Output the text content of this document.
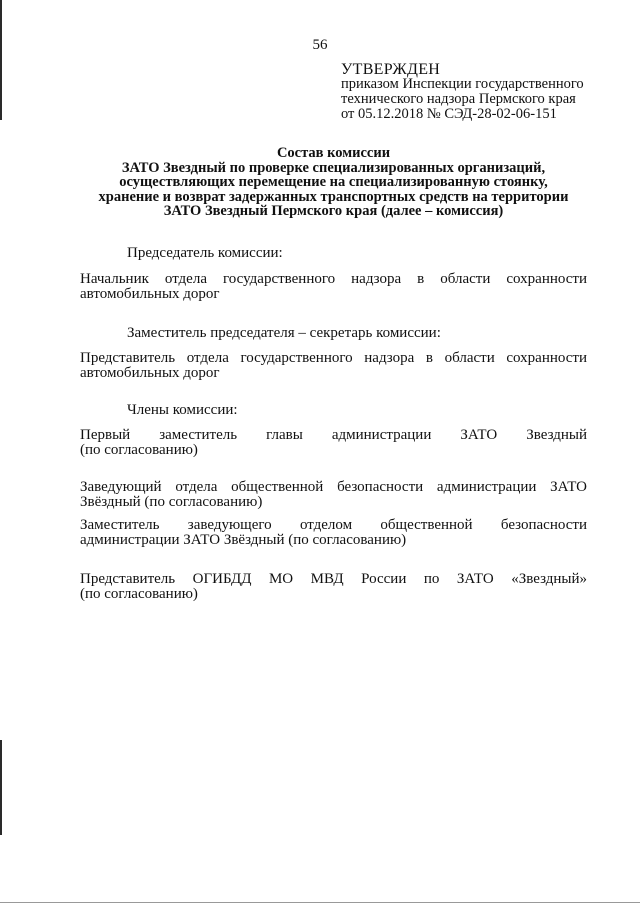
56
УТВЕРЖДЕН
приказом Инспекции государственного
технического надзора Пермского края
от 05.12.2018 № СЭД-28-02-06-151
Состав комиссии
ЗАТО Звездный по проверке специализированных организаций,
осуществляющих перемещение на специализированную стоянку,
хранение и возврат задержанных транспортных средств на территории
ЗАТО Звездный Пермского края (далее – комиссия)
Председатель комиссии:
Начальник отдела государственного надзора в области сохранности
автомобильных дорог
Заместитель председателя – секретарь комиссии:
Представитель отдела государственного надзора в области сохранности
автомобильных дорог
Члены комиссии:
Первый заместитель главы администрации ЗАТО Звездный
(по согласованию)
Заведующий отдела общественной безопасности администрации ЗАТО
Звёздный (по согласованию)
Заместитель заведующего отделом общественной безопасности
администрации ЗАТО Звёздный (по согласованию)
Представитель ОГИБДД МО МВД России по ЗАТО «Звездный»
(по согласованию)
